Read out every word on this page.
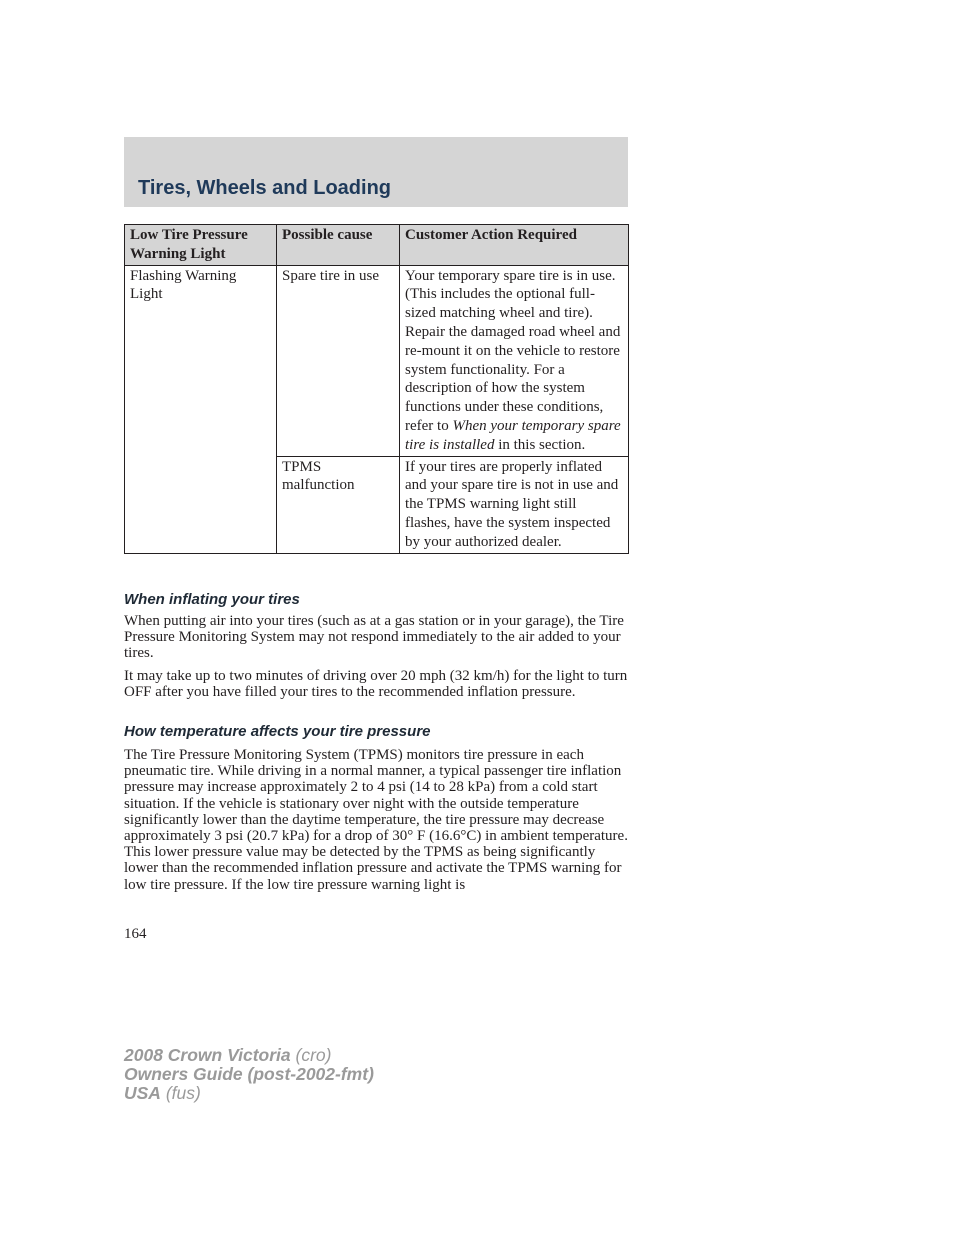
Tires, Wheels and Loading
Low Tire Pressure Warning Light	Possible cause	Customer Action Required
Flashing Warning Light	Spare tire in use	Your temporary spare tire is in use. (This includes the optional full-sized matching wheel and tire). Repair the damaged road wheel and re-mount it on the vehicle to restore system functionality. For a description of how the system functions under these conditions, refer to When your temporary spare tire is installed in this section.
	TPMS malfunction	If your tires are properly inflated and your spare tire is not in use and the TPMS warning light still flashes, have the system inspected by your authorized dealer.
When inflating your tires

When putting air into your tires (such as at a gas station or in your garage), the Tire Pressure Monitoring System may not respond immediately to the air added to your tires.

It may take up to two minutes of driving over 20 mph (32 km/h) for the light to turn OFF after you have filled your tires to the recommended inflation pressure.

How temperature affects your tire pressure

The Tire Pressure Monitoring System (TPMS) monitors tire pressure in each pneumatic tire. While driving in a normal manner, a typical passenger tire inflation pressure may increase approximately 2 to 4 psi (14 to 28 kPa) from a cold start situation. If the vehicle is stationary over night with the outside temperature significantly lower than the daytime temperature, the tire pressure may decrease approximately 3 psi (20.7 kPa) for a drop of 30° F (16.6°C) in ambient temperature. This lower pressure value may be detected by the TPMS as being significantly lower than the recommended inflation pressure and activate the TPMS warning for low tire pressure. If the low tire pressure warning light is

164
2008 Crown Victoria (cro)
Owners Guide (post-2002-fmt)
USA (fus)
